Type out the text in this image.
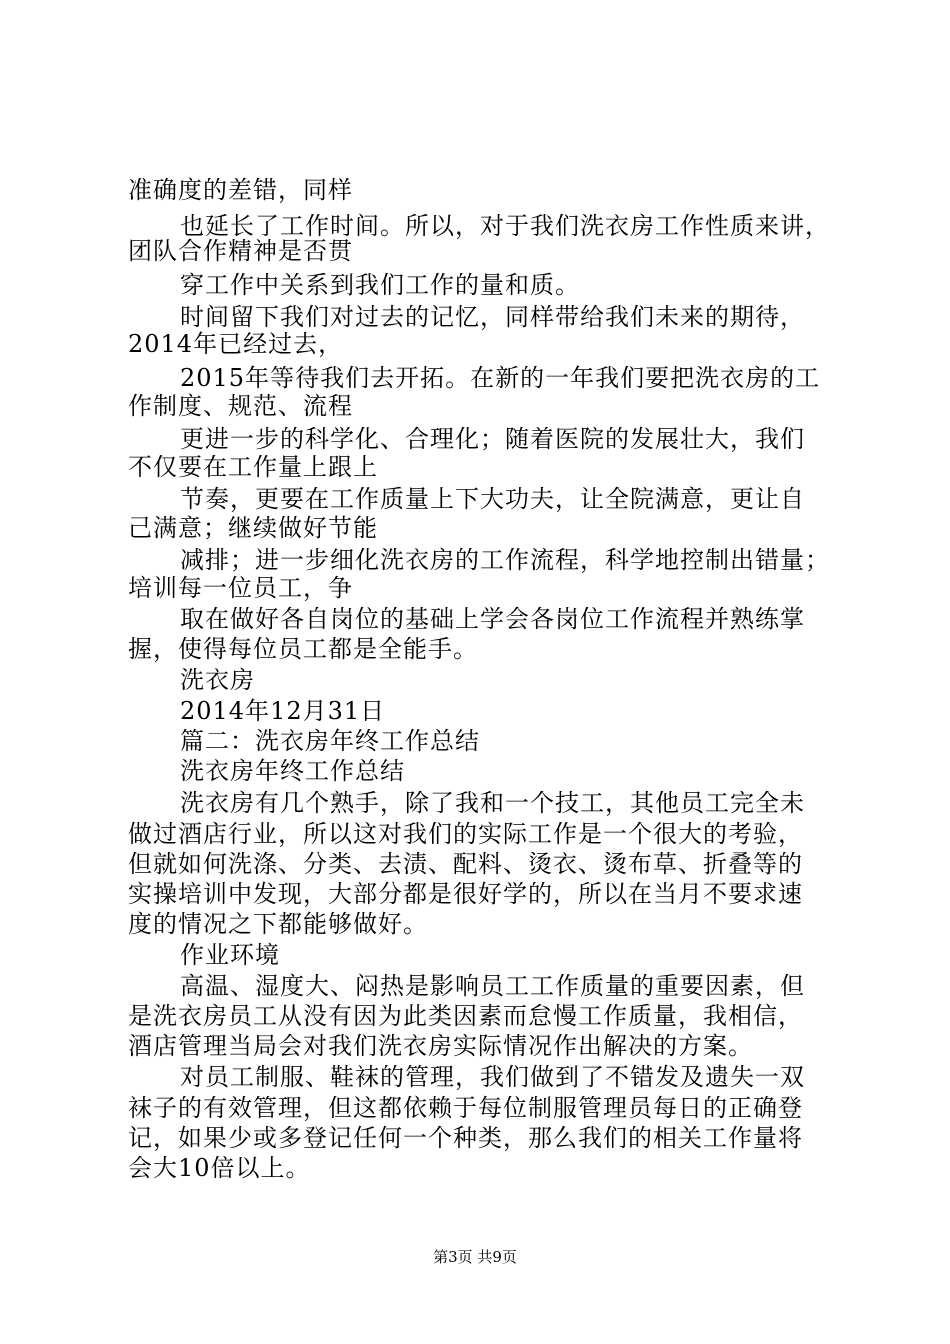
准确度的差错，同样
也延长了工作时间。所以，对于我们洗衣房工作性质来讲，
团队合作精神是否贯
穿工作中关系到我们工作的量和质。
时间留下我们对过去的记忆，同样带给我们未来的期待，
2014年已经过去，
2015年等待我们去开拓。在新的一年我们要把洗衣房的工
作制度、规范、流程
更进一步的科学化、合理化；随着医院的发展壮大，我们
不仅要在工作量上跟上
节奏，更要在工作质量上下大功夫，让全院满意，更让自
己满意；继续做好节能
减排；进一步细化洗衣房的工作流程，科学地控制出错量；
培训每一位员工，争
取在做好各自岗位的基础上学会各岗位工作流程并熟练掌
握，使得每位员工都是全能手。
洗衣房
2014年12月31日
篇二：洗衣房年终工作总结
洗衣房年终工作总结
洗衣房有几个熟手，除了我和一个技工，其他员工完全未
做过酒店行业，所以这对我们的实际工作是一个很大的考验，
但就如何洗涤、分类、去渍、配料、烫衣、烫布草、折叠等的
实操培训中发现，大部分都是很好学的，所以在当月不要求速
度的情况之下都能够做好。
作业环境
高温、湿度大、闷热是影响员工工作质量的重要因素，但
是洗衣房员工从没有因为此类因素而怠慢工作质量，我相信，
酒店管理当局会对我们洗衣房实际情况作出解决的方案。
对员工制服、鞋袜的管理，我们做到了不错发及遗失一双
袜子的有效管理，但这都依赖于每位制服管理员每日的正确登
记，如果少或多登记任何一个种类，那么我们的相关工作量将
会大10倍以上。
第3页 共9页
